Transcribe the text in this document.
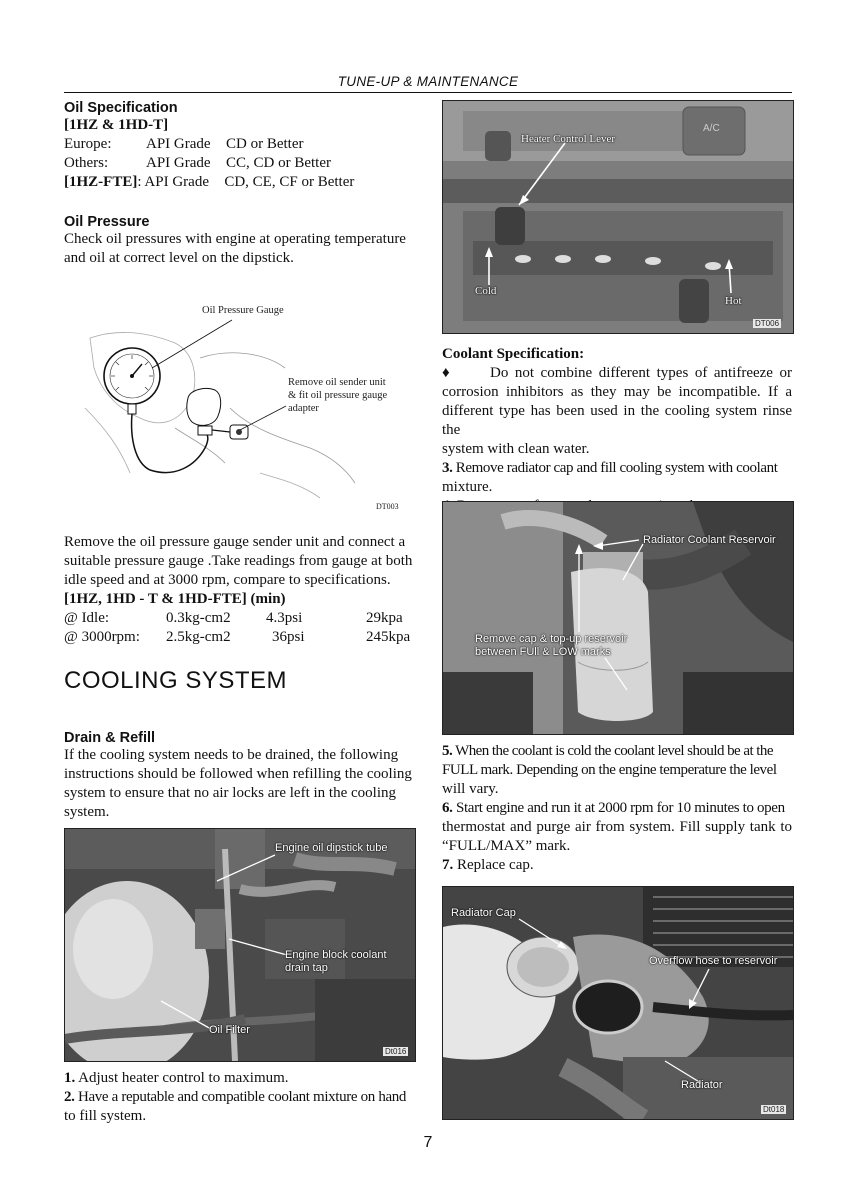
TUNE-UP & MAINTENANCE
Oil Specification
[1HZ & 1HD-T]
Europe:	API Grade	CD or Better
Others:	API Grade	CC, CD or Better
[1HZ-FTE] : API Grade	CD, CE, CF or Better
Oil Pressure
Check oil pressures with engine at operating temperature
and oil at correct level on the dipstick.
Oil Pressure Gauge
Remove oil sender unit
& fit oil pressure gauge
adapter
DT003
Remove the oil pressure gauge sender unit and connect a
suitable pressure gauge .Take readings from gauge at both
idle speed and at 3000 rpm, compare to specifications.
[1HZ, 1HD - T & 1HD-FTE] (min)
@ Idle:	0.3kg-cm2	4.3psi	29kpa
@ 3000rpm:	2.5kg-cm2	36psi	245kpa
COOLING SYSTEM
Drain & Refill
If the cooling system needs to be drained, the following
instructions should be followed when refilling the cooling
system to ensure that no air locks are left in the cooling
system.
Engine oil dipstick tube
Engine block coolant
drain tap
Oil Filter
Dt016
1. Adjust heater control to maximum.
2. Have a reputable and compatible coolant mixture on hand
to fill system.
A/C
Heater Control Lever
Cold
Hot
DT006
Coolant Specification:
♦	Do not combine different types of antifreeze or
corrosion inhibitors as they may be incompatible. If a
different type has been used in the cooling system rinse the
system with clean water.
3. Remove radiator cap and fill cooling system with coolant
mixture.
Radiator Coolant Reservoir
Remove cap & top-up reservoir
between FUll & LOW marks
5. When the coolant is cold the coolant level should be at the
FULL mark. Depending on the engine temperature the level
will vary.
6. Start engine and run it at 2000 rpm for 10 minutes to open
thermostat and purge air from system. Fill supply tank to
“FULL/MAX” mark.
7. Replace cap.
Radiator Cap
Overflow hose to reservoir
Radiator
Dt018
7
